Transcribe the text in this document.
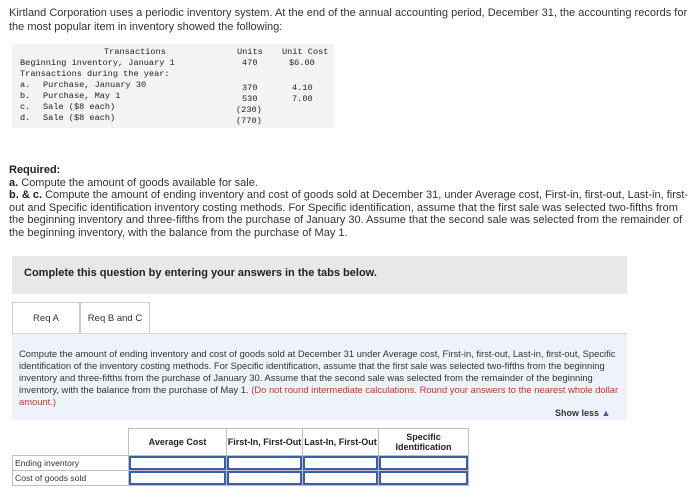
Kirtland Corporation uses a periodic inventory system. At the end of the annual accounting period, December 31, the accounting records for the most popular item in inventory showed the following:
Transactions	Units Unit Cost
Beginning inventory, January 1	470	$6.00
Transactions during the year:
a. Purchase, January 30	370	4.10
b. Purchase, May 1	530	7.00
c. Sale ($8 each)	(230)
d. Sale ($8 each)	(770)
Required:
a. Compute the amount of goods available for sale.
b. & c. Compute the amount of ending inventory and cost of goods sold at December 31, under Average cost, First-in, first-out, Last-in, first-out and Specific identification inventory costing methods. For Specific identification, assume that the first sale was selected two-fifths from the beginning inventory and three-fifths from the purchase of January 30. Assume that the second sale was selected from the remainder of the beginning inventory, with the balance from the purchase of May 1.
Complete this question by entering your answers in the tabs below.
Req A	Req B and C

Compute the amount of ending inventory and cost of goods sold at December 31 under Average cost, First-in, first-out, Last-in, first-out, Specific identification of the inventory costing methods. For Specific identification, assume that the first sale was selected two-fifths from the beginning inventory and three-fifths from the purchase of January 30. Assume that the second sale was selected from the remainder of the beginning inventory, with the balance from the purchase of May 1. (Do not round intermediate calculations. Round your answers to the nearest whole dollar amount.)

Show less ▲
	Average Cost	First-In, First-Out	Last-In, First-Out	Specific Identification
Ending inventory				
Cost of goods sold				
